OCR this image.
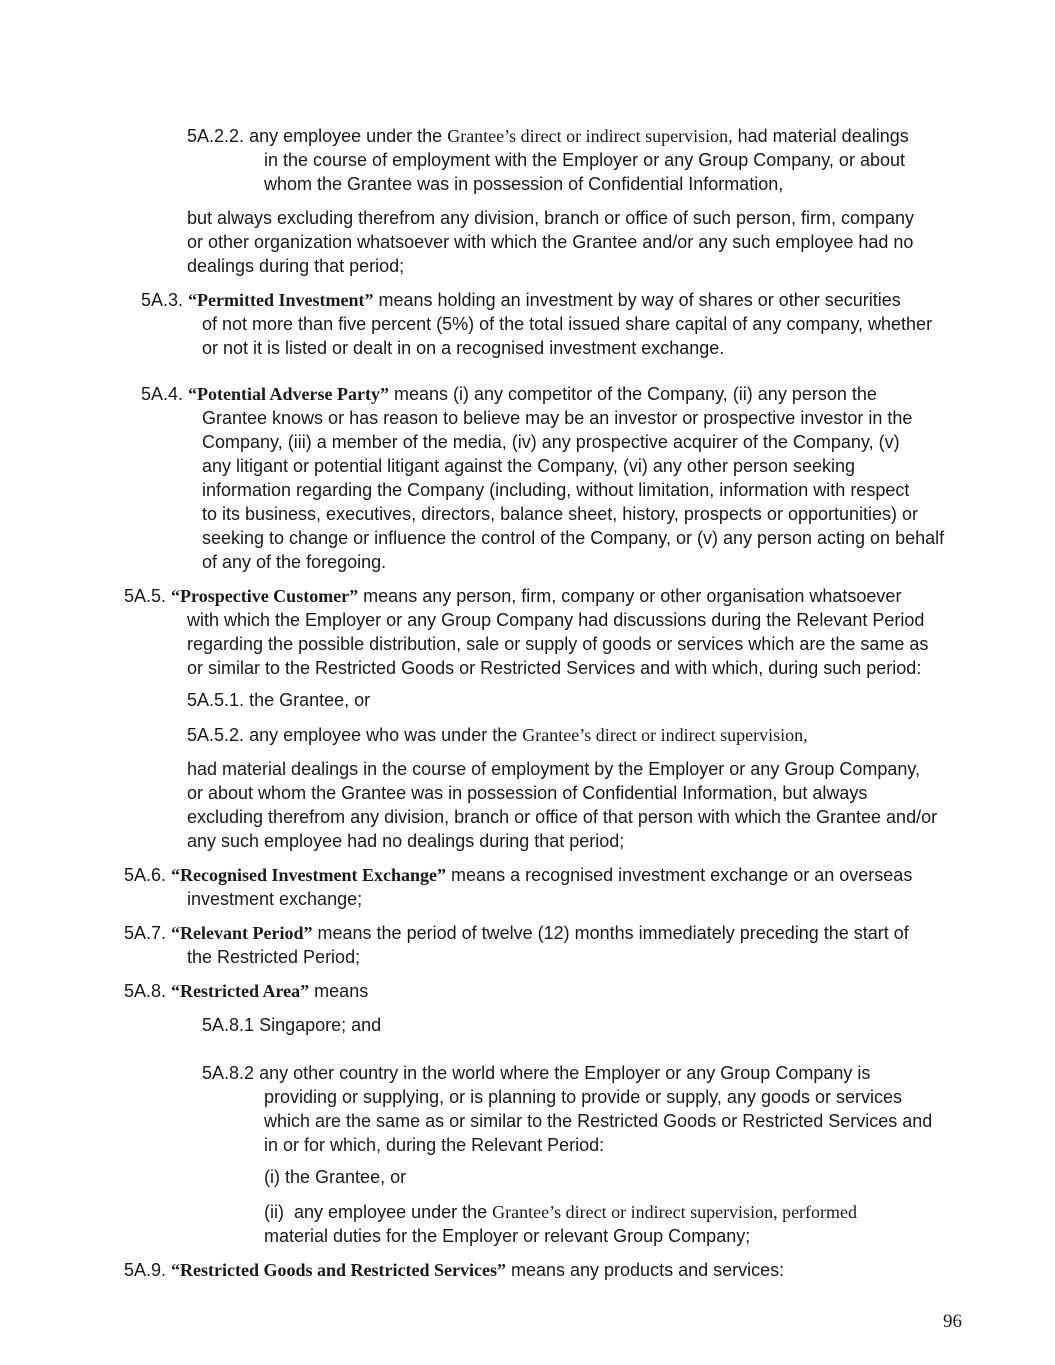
5A.2.2. any employee under the Grantee’s direct or indirect supervision, had material dealings
in the course of employment with the Employer or any Group Company, or about
whom the Grantee was in possession of Confidential Information,
but always excluding therefrom any division, branch or office of such person, firm, company
or other organization whatsoever with which the Grantee and/or any such employee had no
dealings during that period;
5A.3. “Permitted Investment” means holding an investment by way of shares or other securities
of not more than five percent (5%) of the total issued share capital of any company, whether
or not it is listed or dealt in on a recognised investment exchange.
5A.4. “Potential Adverse Party” means (i) any competitor of the Company, (ii) any person the
Grantee knows or has reason to believe may be an investor or prospective investor in the
Company, (iii) a member of the media, (iv) any prospective acquirer of the Company, (v)
any litigant or potential litigant against the Company, (vi) any other person seeking
information regarding the Company (including, without limitation, information with respect
to its business, executives, directors, balance sheet, history, prospects or opportunities) or
seeking to change or influence the control of the Company, or (v) any person acting on behalf
of any of the foregoing.
5A.5. “Prospective Customer” means any person, firm, company or other organisation whatsoever
with which the Employer or any Group Company had discussions during the Relevant Period
regarding the possible distribution, sale or supply of goods or services which are the same as
or similar to the Restricted Goods or Restricted Services and with which, during such period:
5A.5.1. the Grantee, or
5A.5.2. any employee who was under the Grantee’s direct or indirect supervision,
had material dealings in the course of employment by the Employer or any Group Company,
or about whom the Grantee was in possession of Confidential Information, but always
excluding therefrom any division, branch or office of that person with which the Grantee and/or
any such employee had no dealings during that period;
5A.6. “Recognised Investment Exchange” means a recognised investment exchange or an overseas
investment exchange;
5A.7. “Relevant Period” means the period of twelve (12) months immediately preceding the start of
the Restricted Period;
5A.8. “Restricted Area” means
5A.8.1 Singapore; and
5A.8.2 any other country in the world where the Employer or any Group Company is
providing or supplying, or is planning to provide or supply, any goods or services
which are the same as or similar to the Restricted Goods or Restricted Services and
in or for which, during the Relevant Period:
(i) the Grantee, or
(ii) any employee under the Grantee’s direct or indirect supervision, performed
material duties for the Employer or relevant Group Company;
5A.9. “Restricted Goods and Restricted Services” means any products and services:
96
